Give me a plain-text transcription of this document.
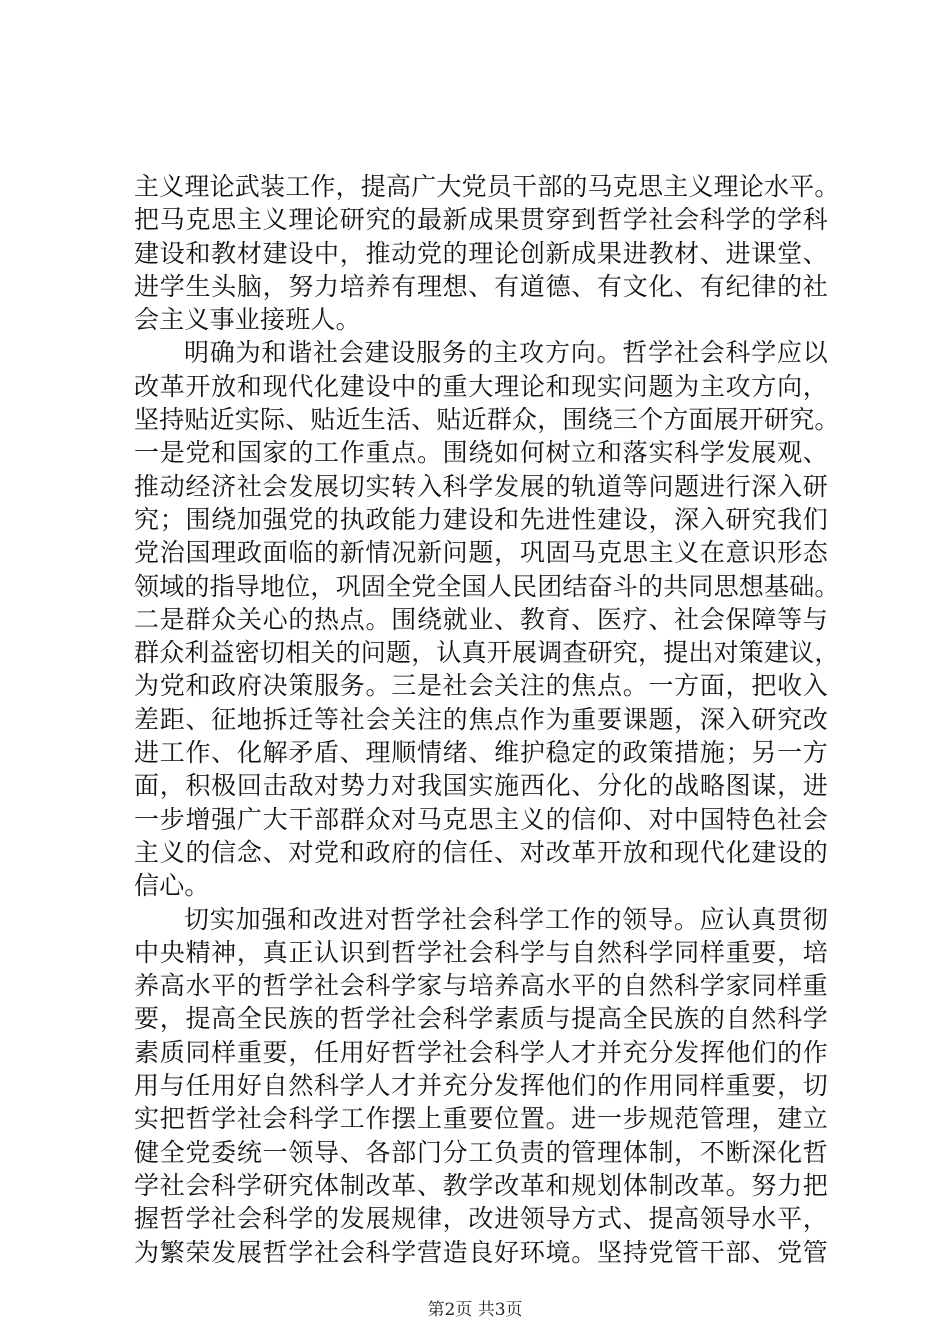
主义理论武装工作，提高广大党员干部的马克思主义理论水平。
把马克思主义理论研究的最新成果贯穿到哲学社会科学的学科
建设和教材建设中，推动党的理论创新成果进教材、进课堂、
进学生头脑，努力培养有理想、有道德、有文化、有纪律的社
会主义事业接班人。
明确为和谐社会建设服务的主攻方向。哲学社会科学应以
改革开放和现代化建设中的重大理论和现实问题为主攻方向，
坚持贴近实际、贴近生活、贴近群众，围绕三个方面展开研究。
一是党和国家的工作重点。围绕如何树立和落实科学发展观、
推动经济社会发展切实转入科学发展的轨道等问题进行深入研
究；围绕加强党的执政能力建设和先进性建设，深入研究我们
党治国理政面临的新情况新问题，巩固马克思主义在意识形态
领域的指导地位，巩固全党全国人民团结奋斗的共同思想基础。
二是群众关心的热点。围绕就业、教育、医疗、社会保障等与
群众利益密切相关的问题，认真开展调查研究，提出对策建议，
为党和政府决策服务。三是社会关注的焦点。一方面，把收入
差距、征地拆迁等社会关注的焦点作为重要课题，深入研究改
进工作、化解矛盾、理顺情绪、维护稳定的政策措施；另一方
面，积极回击敌对势力对我国实施西化、分化的战略图谋，进
一步增强广大干部群众对马克思主义的信仰、对中国特色社会
主义的信念、对党和政府的信任、对改革开放和现代化建设的
信心。
切实加强和改进对哲学社会科学工作的领导。应认真贯彻
中央精神，真正认识到哲学社会科学与自然科学同样重要，培
养高水平的哲学社会科学家与培养高水平的自然科学家同样重
要，提高全民族的哲学社会科学素质与提高全民族的自然科学
素质同样重要，任用好哲学社会科学人才并充分发挥他们的作
用与任用好自然科学人才并充分发挥他们的作用同样重要，切
实把哲学社会科学工作摆上重要位置。进一步规范管理，建立
健全党委统一领导、各部门分工负责的管理体制，不断深化哲
学社会科学研究体制改革、教学改革和规划体制改革。努力把
握哲学社会科学的发展规律，改进领导方式、提高领导水平，
为繁荣发展哲学社会科学营造良好环境。坚持党管干部、党管
第2页 共3页
